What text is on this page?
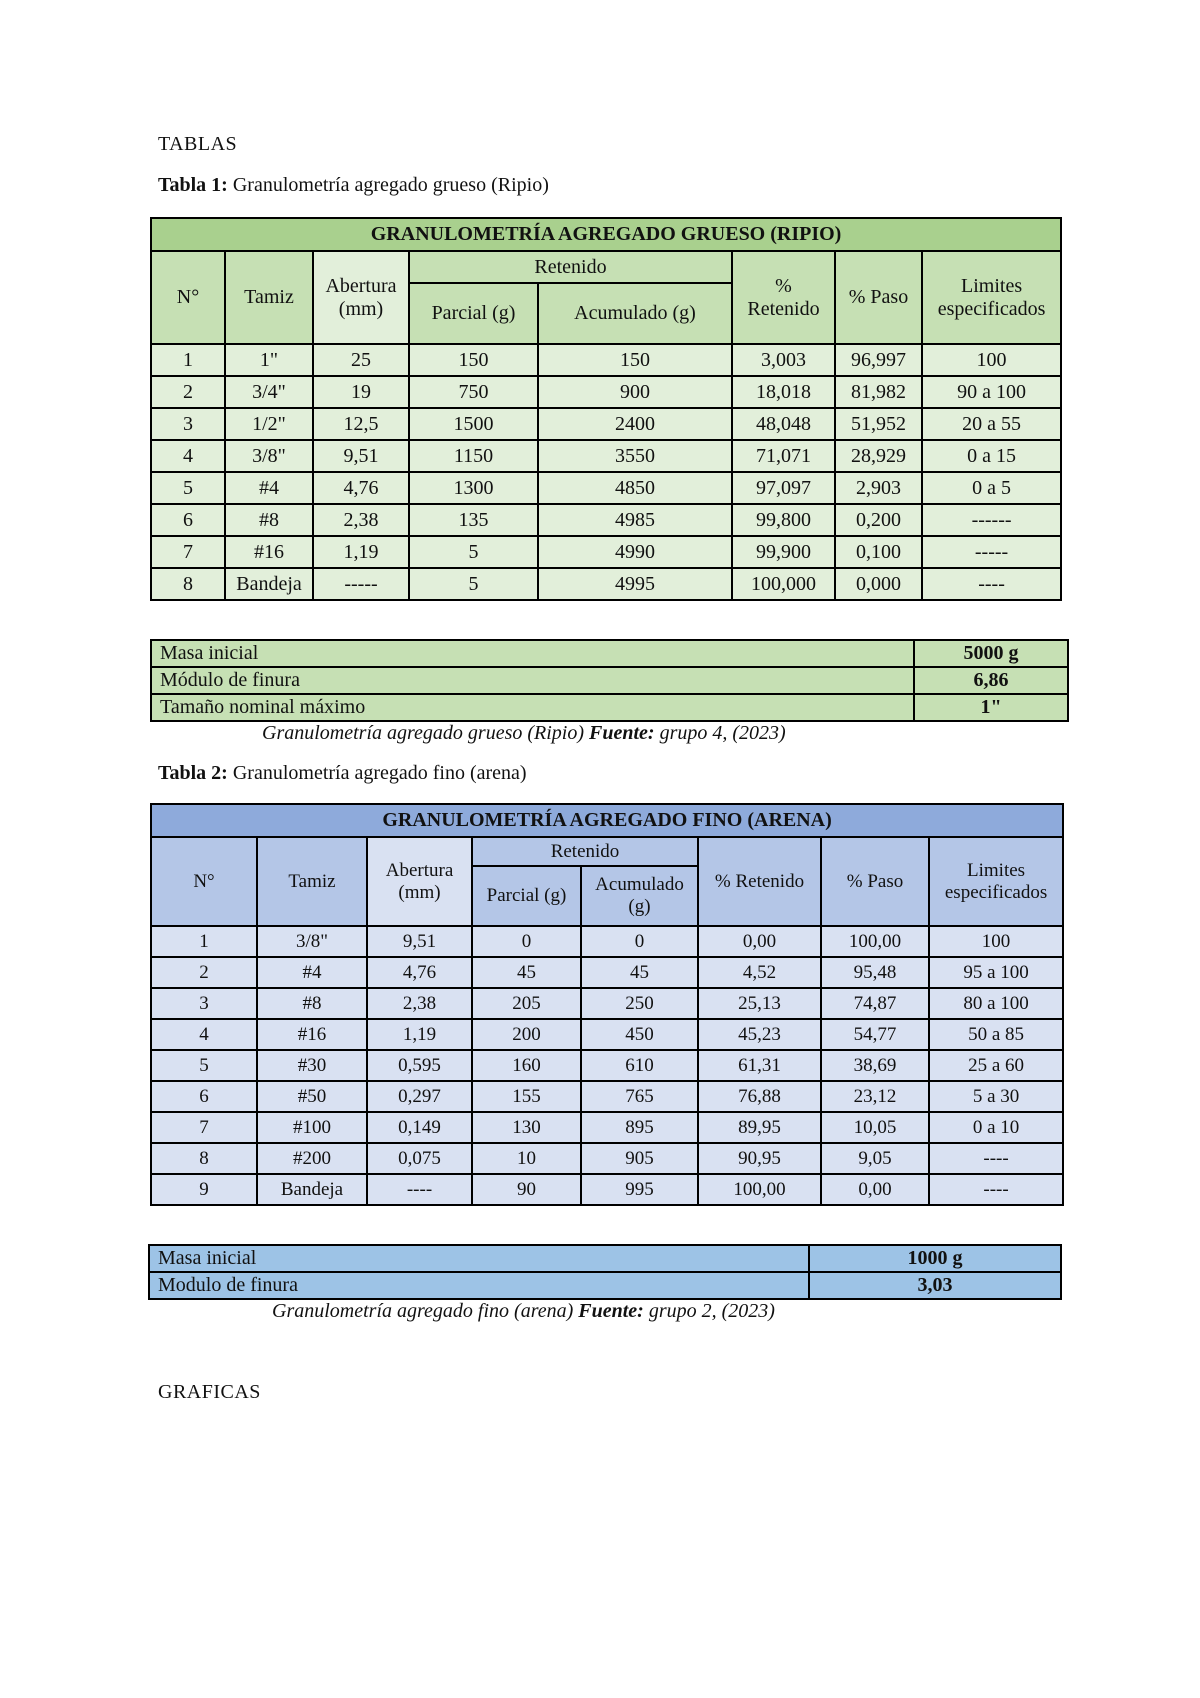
TABLAS
Tabla 1: Granulometría agregado grueso (Ripio)
GRANULOMETRÍA AGREGADO GRUESO (RIPIO)							
N°	Tamiz	Abertura (mm)	Retenido		% Retenido	% Paso	Limites especificados
			Parcial (g)	Acumulado (g)			
1	1"	25	150	150	3,003	96,997	100
2	3/4"	19	750	900	18,018	81,982	90 a 100
3	1/2"	12,5	1500	2400	48,048	51,952	20 a 55
4	3/8"	9,51	1150	3550	71,071	28,929	0 a 15
5	#4	4,76	1300	4850	97,097	2,903	0 a 5
6	#8	2,38	135	4985	99,800	0,200	------
7	#16	1,19	5	4990	99,900	0,100	-----
8	Bandeja	-----	5	4995	100,000	0,000	----
Masa inicial	5000 g
Módulo de finura	6,86
Tamaño nominal máximo	1"
Granulometría agregado grueso (Ripio) Fuente: grupo 4, (2023)
Tabla 2: Granulometría agregado fino (arena)
GRANULOMETRÍA AGREGADO FINO (ARENA)							
N°	Tamiz	Abertura (mm)	Retenido		% Retenido	% Paso	Limites especificados
			Parcial (g)	Acumulado (g)			
1	3/8"	9,51	0	0	0,00	100,00	100
2	#4	4,76	45	45	4,52	95,48	95 a 100
3	#8	2,38	205	250	25,13	74,87	80 a 100
4	#16	1,19	200	450	45,23	54,77	50 a 85
5	#30	0,595	160	610	61,31	38,69	25 a 60
6	#50	0,297	155	765	76,88	23,12	5 a 30
7	#100	0,149	130	895	89,95	10,05	0 a 10
8	#200	0,075	10	905	90,95	9,05	----
9	Bandeja	----	90	995	100,00	0,00	----
Masa inicial	1000 g
Modulo de finura	3,03
Granulometría agregado fino (arena) Fuente: grupo 2, (2023)
GRAFICAS
